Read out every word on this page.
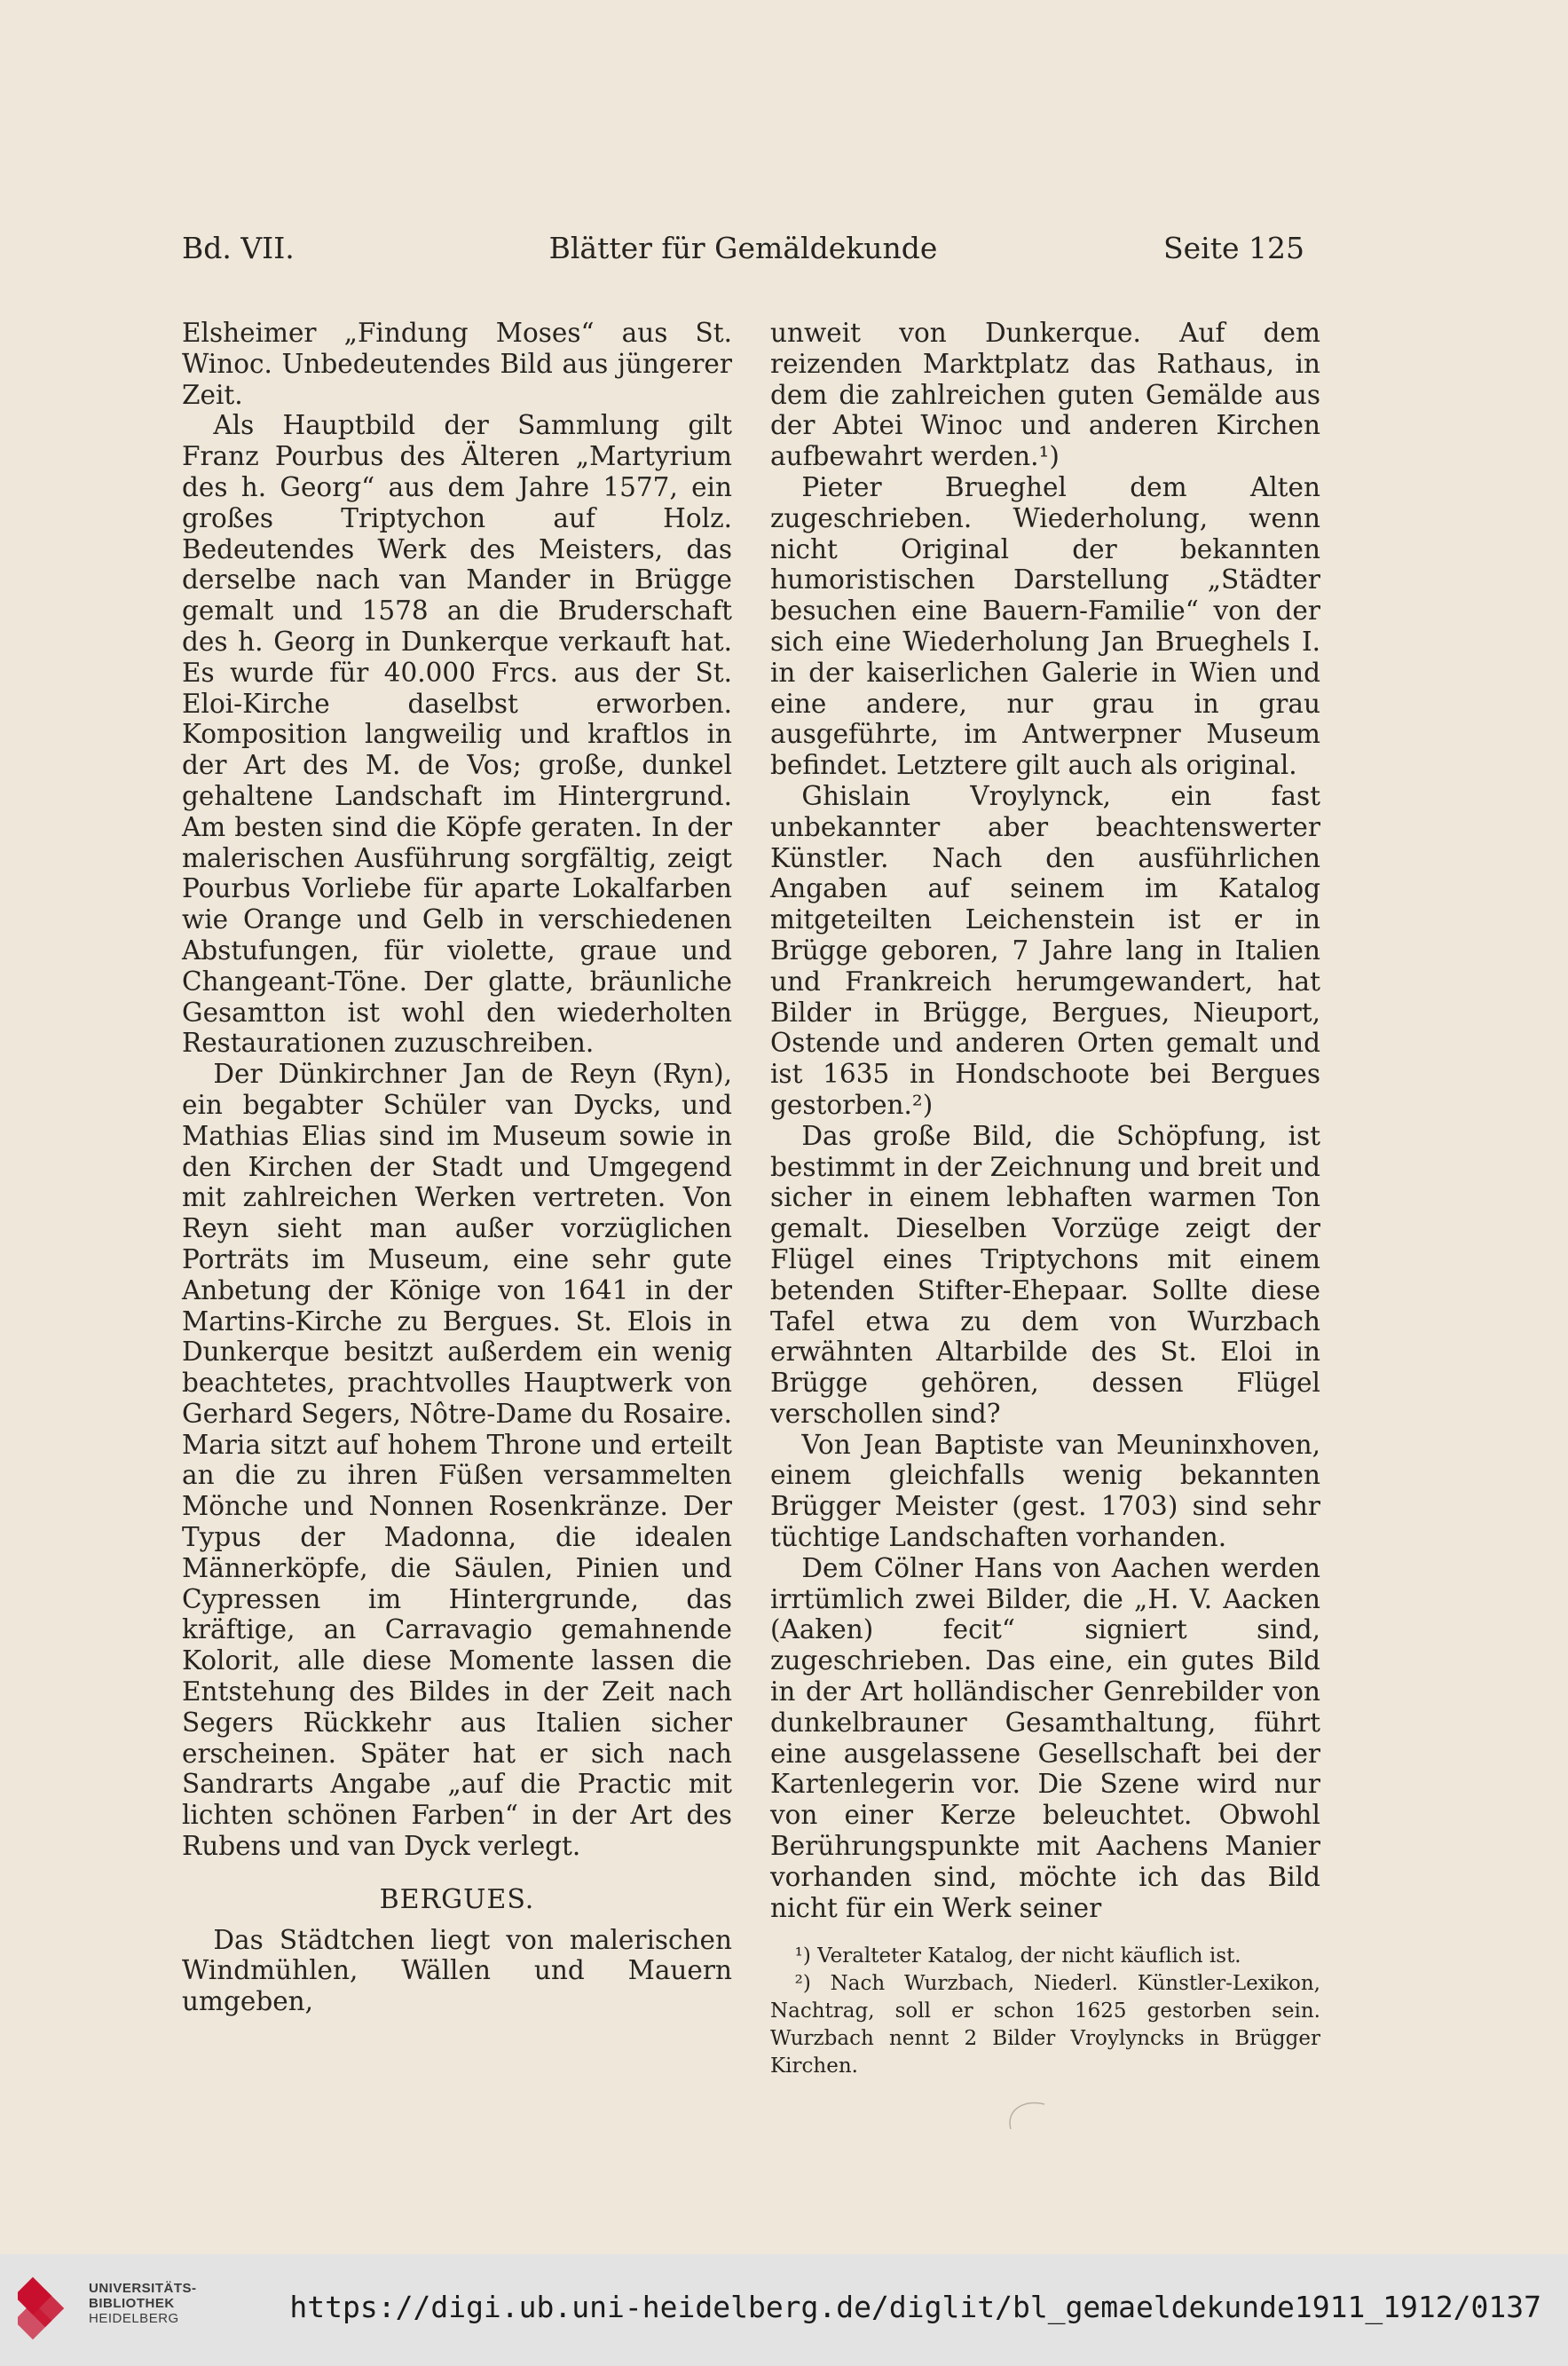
Blätter für Gemäldekunde
Bd. VII.	Seite 125

Elsheimer „Findung Moses“ aus St. Winoc. Unbedeutendes Bild aus jüngerer Zeit.

Als Hauptbild der Sammlung gilt Franz Pourbus des Älteren „Martyrium des h. Georg“ aus dem Jahre 1577, ein großes Triptychon auf Holz. Bedeutendes Werk des Meisters, das derselbe nach van Mander in Brügge gemalt und 1578 an die Bruderschaft des h. Georg in Dunkerque verkauft hat. Es wurde für 40.000 Frcs. aus der St. Eloi-Kirche daselbst erworben. Komposition langweilig und kraftlos in der Art des M. de Vos; große, dunkel gehaltene Landschaft im Hintergrund. Am besten sind die Köpfe geraten. In der malerischen Ausführung sorgfältig, zeigt Pourbus Vorliebe für aparte Lokalfarben wie Orange und Gelb in verschiedenen Abstufungen, für violette, graue und Changeant-Töne. Der glatte, bräunliche Gesamtton ist wohl den wiederholten Restaurationen zuzuschreiben.

Der Dünkirchner Jan de Reyn (Ryn), ein begabter Schüler van Dycks, und Mathias Elias sind im Museum sowie in den Kirchen der Stadt und Umgegend mit zahlreichen Werken vertreten. Von Reyn sieht man außer vorzüglichen Porträts im Museum, eine sehr gute Anbetung der Könige von 1641 in der Martins-Kirche zu Bergues. St. Elois in Dunkerque besitzt außerdem ein wenig beachtetes, prachtvolles Hauptwerk von Gerhard Segers, Nôtre-Dame du Rosaire. Maria sitzt auf hohem Throne und erteilt an die zu ihren Füßen versammelten Mönche und Nonnen Rosenkränze. Der Typus der Madonna, die idealen Männerköpfe, die Säulen, Pinien und Cypressen im Hintergrunde, das kräftige, an Carravagio gemahnende Kolorit, alle diese Momente lassen die Entstehung des Bildes in der Zeit nach Segers Rückkehr aus Italien sicher erscheinen. Später hat er sich nach Sandrarts Angabe „auf die Practic mit lichten schönen Farben“ in der Art des Rubens und van Dyck verlegt.

BERGUES.

Das Städtchen liegt von malerischen Windmühlen, Wällen und Mauern umgeben,

unweit von Dunkerque. Auf dem reizenden Marktplatz das Rathaus, in dem die zahlreichen guten Gemälde aus der Abtei Winoc und anderen Kirchen aufbewahrt werden.¹)

Pieter Brueghel dem Alten zugeschrieben. Wiederholung, wenn nicht Original der bekannten humoristischen Darstellung „Städter besuchen eine Bauern-Familie“ von der sich eine Wiederholung Jan Brueghels I. in der kaiserlichen Galerie in Wien und eine andere, nur grau in grau ausgeführte, im Antwerpner Museum befindet. Letztere gilt auch als original.

Ghislain Vroylynck, ein fast unbekannter aber beachtenswerter Künstler. Nach den ausführlichen Angaben auf seinem im Katalog mitgeteilten Leichenstein ist er in Brügge geboren, 7 Jahre lang in Italien und Frankreich herumgewandert, hat Bilder in Brügge, Bergues, Nieuport, Ostende und anderen Orten gemalt und ist 1635 in Hondschoote bei Bergues gestorben.²)

Das große Bild, die Schöpfung, ist bestimmt in der Zeichnung und breit und sicher in einem lebhaften warmen Ton gemalt. Dieselben Vorzüge zeigt der Flügel eines Triptychons mit einem betenden Stifter-Ehepaar. Sollte diese Tafel etwa zu dem von Wurzbach erwähnten Altarbilde des St. Eloi in Brügge gehören, dessen Flügel verschollen sind?

Von Jean Baptiste van Meuninxhoven, einem gleichfalls wenig bekannten Brügger Meister (gest. 1703) sind sehr tüchtige Landschaften vorhanden.

Dem Cölner Hans von Aachen werden irrtümlich zwei Bilder, die „H. V. Aacken (Aaken) fecit“ signiert sind, zugeschrieben. Das eine, ein gutes Bild in der Art holländischer Genrebilder von dunkelbrauner Gesamthaltung, führt eine ausgelassene Gesellschaft bei der Kartenlegerin vor. Die Szene wird nur von einer Kerze beleuchtet. Obwohl Berührungspunkte mit Aachens Manier vorhanden sind, möchte ich das Bild nicht für ein Werk seiner

¹) Veralteter Katalog, der nicht käuflich ist.

²) Nach Wurzbach, Niederl. Künstler-Lexikon, Nachtrag, soll er schon 1625 gestorben sein. Wurzbach nennt 2 Bilder Vroylyncks in Brügger Kirchen.

UNIVERSITÄTS-
BIBLIOTHEK
HEIDELBERG	https://digi.ub.uni-heidelberg.de/diglit/bl_gemaeldekunde1911_1912/0137
